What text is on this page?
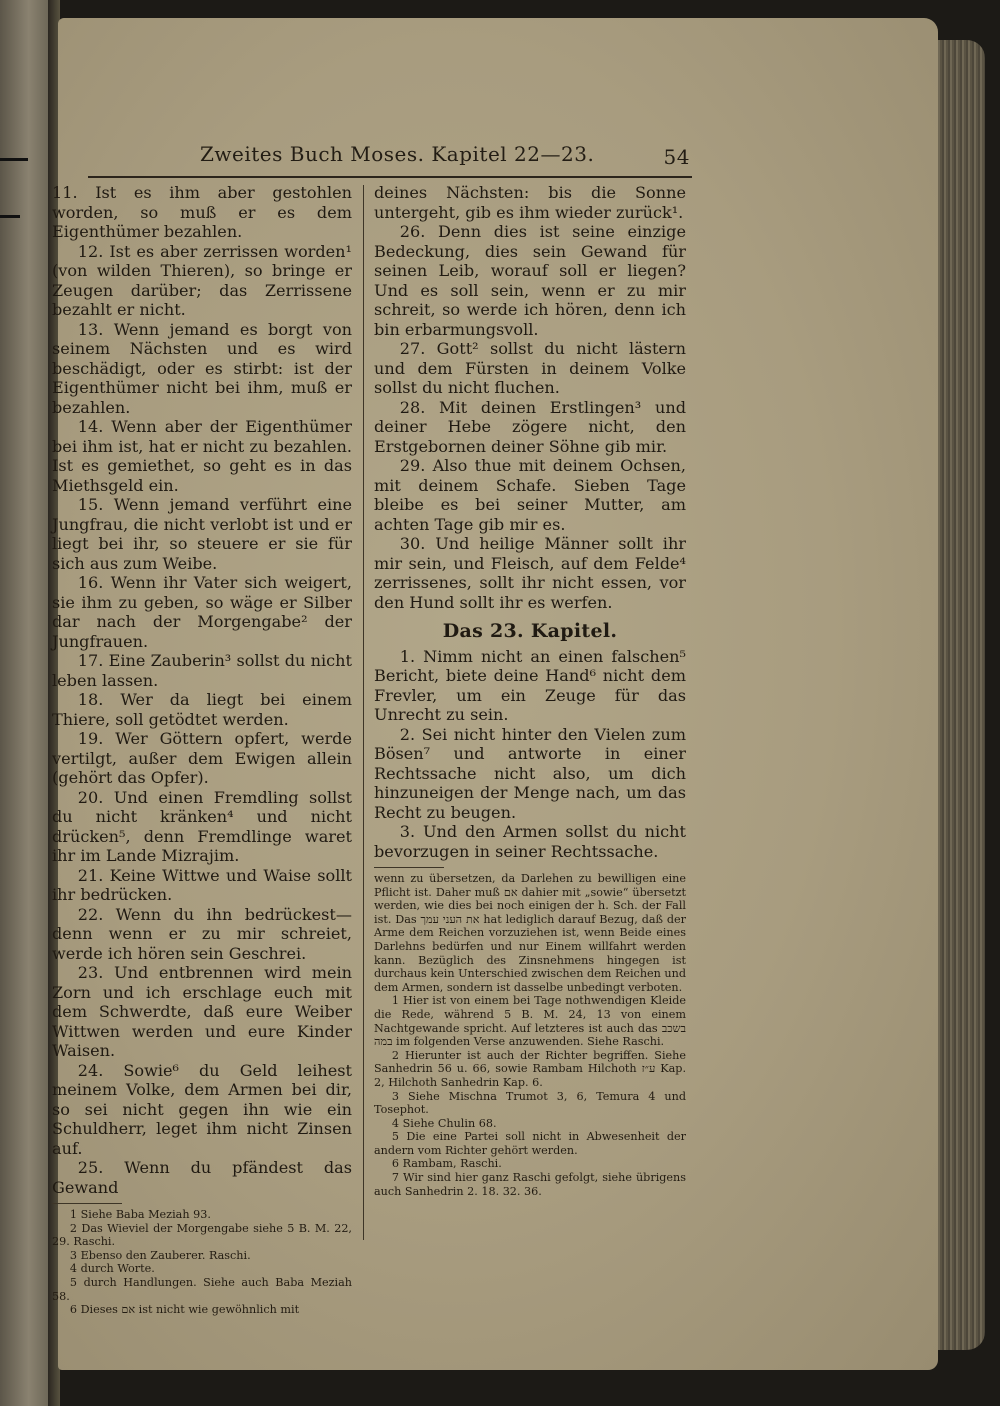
Zweites Buch Moses. Kapitel 22—23.	54

11. Ist es ihm aber gestohlen worden, so muß er es dem Eigenthümer bezahlen.

12. Ist es aber zerrissen worden¹ (von wilden Thieren), so bringe er Zeugen darüber; das Zerrissene bezahlt er nicht.

13. Wenn jemand es borgt von seinem Nächsten und es wird beschädigt, oder es stirbt: ist der Eigenthümer nicht bei ihm, muß er bezahlen.

14. Wenn aber der Eigenthümer bei ihm ist, hat er nicht zu bezahlen. Ist es gemiethet, so geht es in das Miethsgeld ein.

15. Wenn jemand verführt eine Jungfrau, die nicht verlobt ist und er liegt bei ihr, so steuere er sie für sich aus zum Weibe.

16. Wenn ihr Vater sich weigert, sie ihm zu geben, so wäge er Silber dar nach der Morgengabe² der Jungfrauen.

17. Eine Zauberin³ sollst du nicht leben lassen.

18. Wer da liegt bei einem Thiere, soll getödtet werden.

19. Wer Göttern opfert, werde vertilgt, außer dem Ewigen allein (gehört das Opfer).

20. Und einen Fremdling sollst du nicht kränken⁴ und nicht drücken⁵, denn Fremdlinge waret ihr im Lande Mizrajim.

21. Keine Wittwe und Waise sollt ihr bedrücken.

22. Wenn du ihn bedrückest—denn wenn er zu mir schreiet, werde ich hören sein Geschrei.

23. Und entbrennen wird mein Zorn und ich erschlage euch mit dem Schwerdte, daß eure Weiber Wittwen werden und eure Kinder Waisen.

24. Sowie⁶ du Geld leihest meinem Volke, dem Armen bei dir, so sei nicht gegen ihn wie ein Schuldherr, leget ihm nicht Zinsen auf.

25. Wenn du pfändest das Gewand

1 Siehe Baba Meziah 93.

2 Das Wieviel der Morgengabe siehe 5 B. M. 22, 29. Raschi.

3 Ebenso den Zauberer. Raschi.

4 durch Worte.

5 durch Handlungen. Siehe auch Baba Meziah 58.

6 Dieses אם ist nicht wie gewöhnlich mit

deines Nächsten: bis die Sonne untergeht, gib es ihm wieder zurück¹.

26. Denn dies ist seine einzige Bedeckung, dies sein Gewand für seinen Leib, worauf soll er liegen? Und es soll sein, wenn er zu mir schreit, so werde ich hören, denn ich bin erbarmungsvoll.

27. Gott² sollst du nicht lästern und dem Fürsten in deinem Volke sollst du nicht fluchen.

28. Mit deinen Erstlingen³ und deiner Hebe zögere nicht, den Erstgebornen deiner Söhne gib mir.

29. Also thue mit deinem Ochsen, mit deinem Schafe. Sieben Tage bleibe es bei seiner Mutter, am achten Tage gib mir es.

30. Und heilige Männer sollt ihr mir sein, und Fleisch, auf dem Felde⁴ zerrissenes, sollt ihr nicht essen, vor den Hund sollt ihr es werfen.

Das 23. Kapitel.

1. Nimm nicht an einen falschen⁵ Bericht, biete deine Hand⁶ nicht dem Frevler, um ein Zeuge für das Unrecht zu sein.

2. Sei nicht hinter den Vielen zum Bösen⁷ und antworte in einer Rechtssache nicht also, um dich hinzuneigen der Menge nach, um das Recht zu beugen.

3. Und den Armen sollst du nicht bevorzugen in seiner Rechtssache.

wenn zu übersetzen, da Darlehen zu bewilligen eine Pflicht ist. Daher muß אם dahier mit „sowie“ übersetzt werden, wie dies bei noch einigen der h. Sch. der Fall ist. Das את העני עמך hat lediglich darauf Bezug, daß der Arme dem Reichen vorzuziehen ist, wenn Beide eines Darlehns bedürfen und nur Einem willfahrt werden kann. Bezüglich des Zinsnehmens hingegen ist durchaus kein Unterschied zwischen dem Reichen und dem Armen, sondern ist dasselbe unbedingt verboten.

1 Hier ist von einem bei Tage nothwendigen Kleide die Rede, während 5 B. M. 24, 13 von einem Nachtgewande spricht. Auf letzteres ist auch das בשכב במה im folgenden Verse anzuwenden. Siehe Raschi.

2 Hierunter ist auch der Richter begriffen. Siehe Sanhedrin 56 u. 66, sowie Rambam Hilchoth ע״ז Kap. 2, Hilchoth Sanhedrin Kap. 6.

3 Siehe Mischna Trumot 3, 6, Temura 4 und Tosephot.

4 Siehe Chulin 68.

5 Die eine Partei soll nicht in Abwesenheit der andern vom Richter gehört werden.

6 Rambam, Raschi.

7 Wir sind hier ganz Raschi gefolgt, siehe übrigens auch Sanhedrin 2. 18. 32. 36.
